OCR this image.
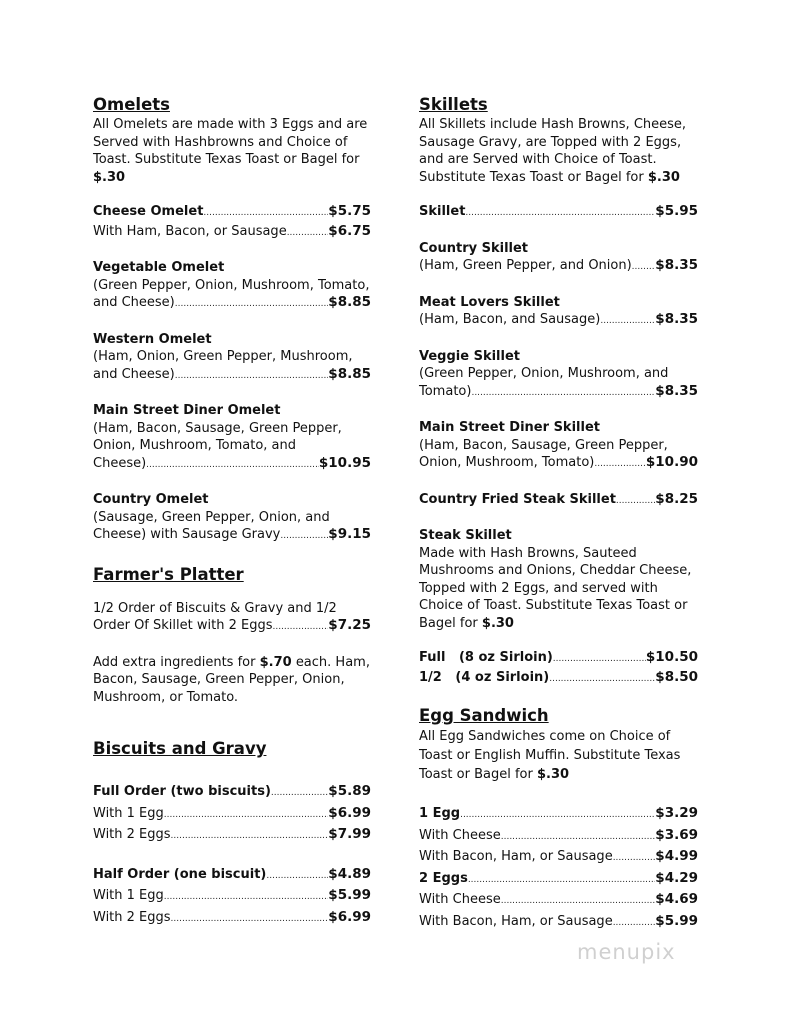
Omelets

All Omelets are made with 3 Eggs and are Served with Hashbrowns and Choice of Toast. Substitute Texas Toast or Bagel for $.30

Cheese Omelet .....	$5.75
With Ham, Bacon, or Sausage .....	$6.75

Vegetable Omelet

(Green Pepper, Onion, Mushroom, Tomato,

and Cheese) .....	$8.85

Western Omelet

(Ham, Onion, Green Pepper, Mushroom,

and Cheese) .....	$8.85

Main Street Diner Omelet

(Ham, Bacon, Sausage, Green Pepper,

Onion, Mushroom, Tomato, and

Cheese) .....	$10.95

Country Omelet

(Sausage, Green Pepper, Onion, and

Cheese) with Sausage Gravy .....	$9.15
Farmer's Platter

1/2 Order of Biscuits & Gravy and 1/2

Order Of Skillet with 2 Eggs .....	$7.25

Add extra ingredients for $.70 each. Ham, Bacon, Sausage, Green Pepper, Onion, Mushroom, or Tomato.

Biscuits and Gravy
Full Order (two biscuits) .....	$5.89
With 1 Egg .....	$6.99
With 2 Eggs .....	$7.99
Half Order (one biscuit) .....	$4.89
With 1 Egg .....	$5.99
With 2 Eggs .....	$6.99
Skillets

All Skillets include Hash Browns, Cheese, Sausage Gravy, are Topped with 2 Eggs, and are Served with Choice of Toast. Substitute Texas Toast or Bagel for $.30

Skillet .....	$5.95

Country Skillet

(Ham, Green Pepper, and Onion) ..... $8.35

Meat Lovers Skillet

(Ham, Bacon, and Sausage) .....	$8.35

Veggie Skillet

(Green Pepper, Onion, Mushroom, and

Tomato) .....	$8.35

Main Street Diner Skillet

(Ham, Bacon, Sausage, Green Pepper,

Onion, Mushroom, Tomato) .....	$10.90
Country Fried Steak Skillet .....	$8.25

Steak Skillet

Made with Hash Browns, Sauteed Mushrooms and Onions, Cheddar Cheese, Topped with 2 Eggs, and served with Choice of Toast. Substitute Texas Toast or Bagel for $.30

Full   (8 oz Sirloin) .....	$10.50
1/2   (4 oz Sirloin) .....	$8.50
Egg Sandwich

All Egg Sandwiches come on Choice of Toast or English Muffin. Substitute Texas Toast or Bagel for $.30

1 Egg .....	$3.29
With Cheese .....	$3.69
With Bacon, Ham, or Sausage .....	$4.99
2 Eggs .....	$4.29
With Cheese .....	$4.69
With Bacon, Ham, or Sausage .....	$5.99
menupix
